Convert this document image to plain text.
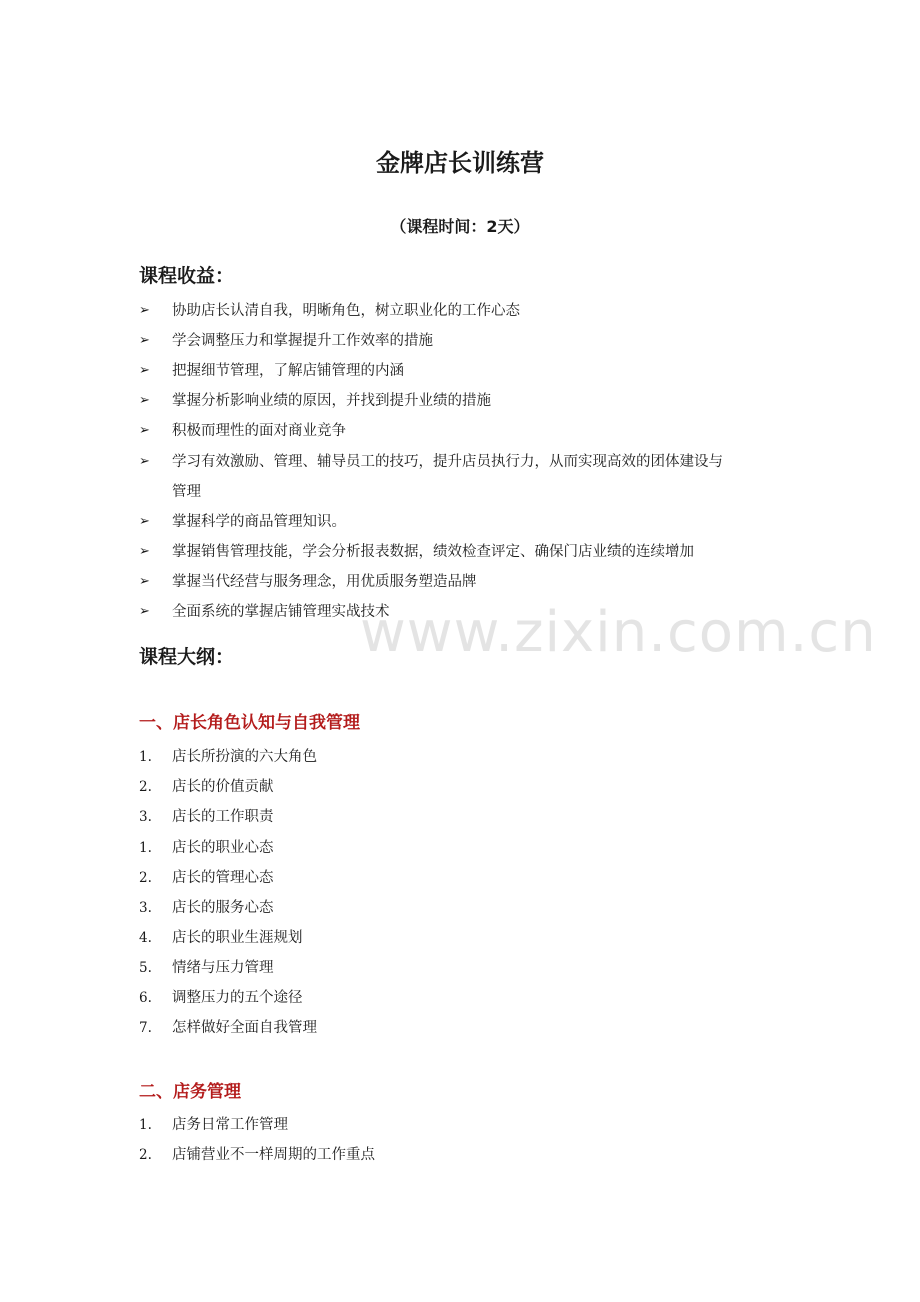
金牌店长训练营
（课程时间：2天）
课程收益：
➢	协助店长认清自我，明晰角色，树立职业化的工作心态
➢	学会调整压力和掌握提升工作效率的措施
➢	把握细节管理，了解店铺管理的内涵
➢	掌握分析影响业绩的原因，并找到提升业绩的措施
➢	积极而理性的面对商业竞争
➢	学习有效激励、管理、辅导员工的技巧，提升店员执行力，从而实现高效的团体建设与
管理
➢	掌握科学的商品管理知识。
➢	掌握销售管理技能，学会分析报表数据，绩效检查评定、确保门店业绩的连续增加
➢	掌握当代经营与服务理念，用优质服务塑造品牌
➢	全面系统的掌握店铺管理实战技术
www.zixin.com.cn
课程大纲：
一、店长角色认知与自我管理
1. 店长所扮演的六大角色
2. 店长的价值贡献
3. 店长的工作职责
1. 店长的职业心态
2. 店长的管理心态
3. 店长的服务心态
4. 店长的职业生涯规划
5. 情绪与压力管理
6. 调整压力的五个途径
7. 怎样做好全面自我管理
二、店务管理
1. 店务日常工作管理
2. 店铺营业不一样周期的工作重点
